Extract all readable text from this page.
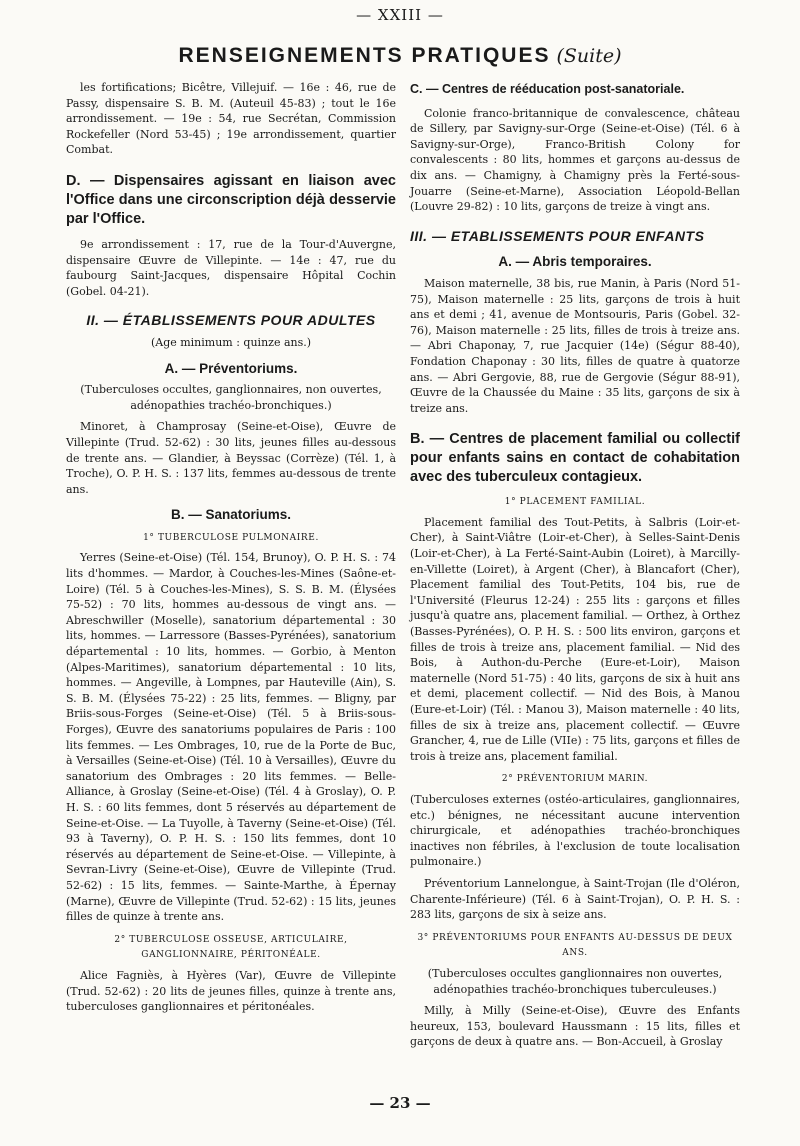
— XXIII —
RENSEIGNEMENTS PRATIQUES (Suite)

les fortifications; Bicêtre, Villejuif. — 16e : 46, rue de Passy, dispensaire S. B. M. (Auteuil 45-83) ; tout le 16e arrondissement. — 19e : 54, rue Secrétan, Commission Rockefeller (Nord 53-45) ; 19e arrondissement, quartier Combat.

D. — Dispensaires agissant en liaison avec l'Office dans une circonscription déjà desservie par l'Office.

9e arrondissement : 17, rue de la Tour-d'Auvergne, dispensaire Œuvre de Villepinte. — 14e : 47, rue du faubourg Saint-Jacques, dispensaire Hôpital Cochin (Gobel. 04-21).

II. — ÉTABLISSEMENTS POUR ADULTES
(Age minimum : quinze ans.)
A. — Préventoriums.
(Tuberculoses occultes, ganglionnaires, non ouvertes, adénopathies trachéo-bronchiques.)

Minoret, à Champrosay (Seine-et-Oise), Œuvre de Villepinte (Trud. 52-62) : 30 lits, jeunes filles au-dessous de trente ans. — Glandier, à Beyssac (Corrèze) (Tél. 1, à Troche), O. P. H. S. : 137 lits, femmes au-dessous de trente ans.

B. — Sanatoriums.
1° TUBERCULOSE PULMONAIRE.

Yerres (Seine-et-Oise) (Tél. 154, Brunoy), O. P. H. S. : 74 lits d'hommes. — Mardor, à Couches-les-Mines (Saône-et-Loire) (Tél. 5 à Couches-les-Mines), S. S. B. M. (Élysées 75-52) : 70 lits, hommes au-dessous de vingt ans. — Abreschwiller (Moselle), sanatorium départemental : 30 lits, hommes. — Larressore (Basses-Pyrénées), sanatorium départemental : 10 lits, hommes. — Gorbio, à Menton (Alpes-Maritimes), sanatorium départemental : 10 lits, hommes. — Angeville, à Lompnes, par Hauteville (Ain), S. S. B. M. (Élysées 75-22) : 25 lits, femmes. — Bligny, par Briis-sous-Forges (Seine-et-Oise) (Tél. 5 à Briis-sous-Forges), Œuvre des sanatoriums populaires de Paris : 100 lits femmes. — Les Ombrages, 10, rue de la Porte de Buc, à Versailles (Seine-et-Oise) (Tél. 10 à Versailles), Œuvre du sanatorium des Ombrages : 20 lits femmes. — Belle-Alliance, à Groslay (Seine-et-Oise) (Tél. 4 à Groslay), O. P. H. S. : 60 lits femmes, dont 5 réservés au département de Seine-et-Oise. — La Tuyolle, à Taverny (Seine-et-Oise) (Tél. 93 à Taverny), O. P. H. S. : 150 lits femmes, dont 10 réservés au département de Seine-et-Oise. — Villepinte, à Sevran-Livry (Seine-et-Oise), Œuvre de Villepinte (Trud. 52-62) : 15 lits, femmes. — Sainte-Marthe, à Épernay (Marne), Œuvre de Villepinte (Trud. 52-62) : 15 lits, jeunes filles de quinze à trente ans.

2° TUBERCULOSE OSSEUSE, ARTICULAIRE, GANGLIONNAIRE, PÉRITONÉALE.

Alice Fagniès, à Hyères (Var), Œuvre de Villepinte (Trud. 52-62) : 20 lits de jeunes filles, quinze à trente ans, tuberculoses ganglionnaires et péritonéales.

C. — Centres de rééducation post-sanatoriale.

Colonie franco-britannique de convalescence, château de Sillery, par Savigny-sur-Orge (Seine-et-Oise) (Tél. 6 à Savigny-sur-Orge), Franco-British Colony for convalescents : 80 lits, hommes et garçons au-dessus de dix ans. — Chamigny, à Chamigny près la Ferté-sous-Jouarre (Seine-et-Marne), Association Léopold-Bellan (Louvre 29-82) : 10 lits, garçons de treize à vingt ans.

III. — ETABLISSEMENTS POUR ENFANTS
A. — Abris temporaires.

Maison maternelle, 38 bis, rue Manin, à Paris (Nord 51-75), Maison maternelle : 25 lits, garçons de trois à huit ans et demi ; 41, avenue de Montsouris, Paris (Gobel. 32-76), Maison maternelle : 25 lits, filles de trois à treize ans. — Abri Chaponay, 7, rue Jacquier (14e) (Ségur 88-40), Fondation Chaponay : 30 lits, filles de quatre à quatorze ans. — Abri Gergovie, 88, rue de Gergovie (Ségur 88-91), Œuvre de la Chaussée du Maine : 35 lits, garçons de six à treize ans.

B. — Centres de placement familial ou collectif pour enfants sains en contact de cohabitation avec des tuberculeux contagieux.
1° PLACEMENT FAMILIAL.

Placement familial des Tout-Petits, à Salbris (Loir-et-Cher), à Saint-Viâtre (Loir-et-Cher), à Selles-Saint-Denis (Loir-et-Cher), à La Ferté-Saint-Aubin (Loiret), à Marcilly-en-Villette (Loiret), à Argent (Cher), à Blancafort (Cher), Placement familial des Tout-Petits, 104 bis, rue de l'Université (Fleurus 12-24) : 255 lits : garçons et filles jusqu'à quatre ans, placement familial. — Orthez, à Orthez (Basses-Pyrénées), O. P. H. S. : 500 lits environ, garçons et filles de trois à treize ans, placement familial. — Nid des Bois, à Authon-du-Perche (Eure-et-Loir), Maison maternelle (Nord 51-75) : 40 lits, garçons de six à huit ans et demi, placement collectif. — Nid des Bois, à Manou (Eure-et-Loir) (Tél. : Manou 3), Maison maternelle : 40 lits, filles de six à treize ans, placement collectif. — Œuvre Grancher, 4, rue de Lille (VIIe) : 75 lits, garçons et filles de trois à treize ans, placement familial.

2° PRÉVENTORIUM MARIN.
(Tuberculoses externes (ostéo-articulaires, ganglionnaires, etc.) bénignes, ne nécessitant aucune intervention chirurgicale, et adénopathies trachéo-bronchiques inactives non fébriles, à l'exclusion de toute localisation pulmonaire.)

Préventorium Lannelongue, à Saint-Trojan (Ile d'Oléron, Charente-Inférieure) (Tél. 6 à Saint-Trojan), O. P. H. S. : 283 lits, garçons de six à seize ans.

3° PRÉVENTORIUMS POUR ENFANTS AU-DESSUS DE DEUX ANS.
(Tuberculoses occultes ganglionnaires non ouvertes, adénopathies trachéo-bronchiques tuberculeuses.)

Milly, à Milly (Seine-et-Oise), Œuvre des Enfants heureux, 153, boulevard Haussmann : 15 lits, filles et garçons de deux à quatre ans. — Bon-Accueil, à Groslay

— 23 —
